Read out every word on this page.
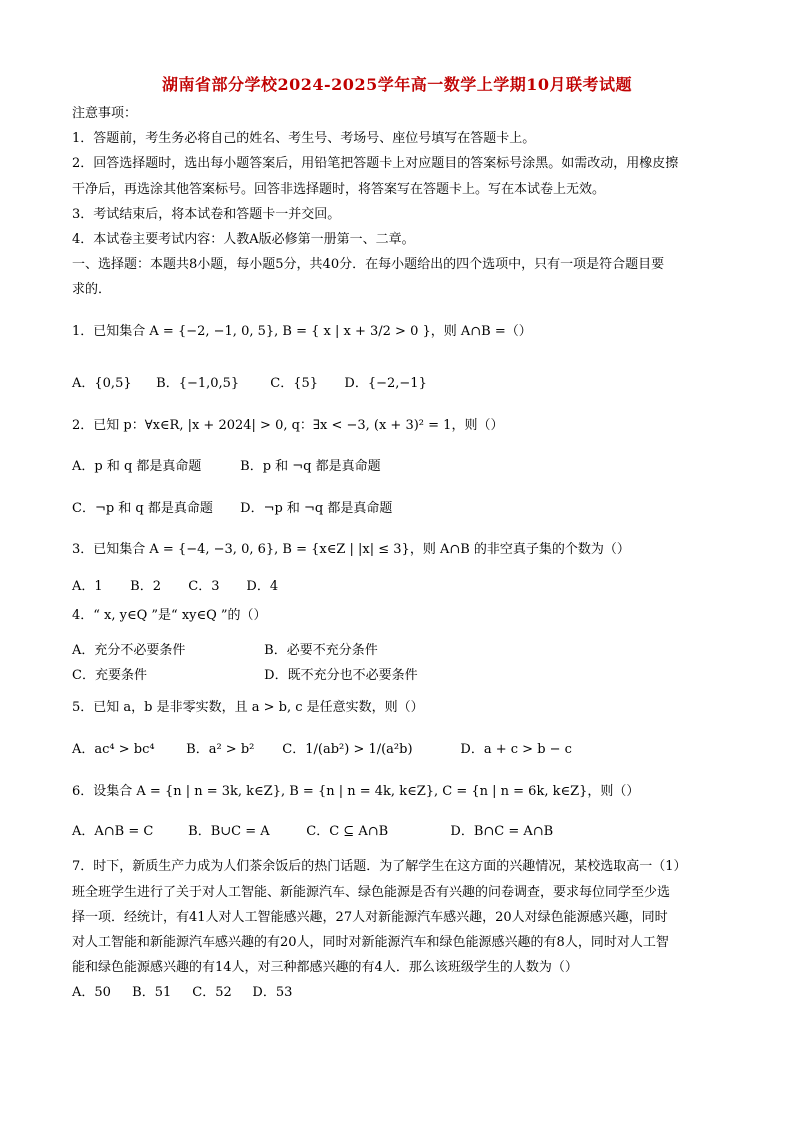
湖南省部分学校2024-2025学年高一数学上学期10月联考试题
注意事项：
1．答题前，考生务必将自己的姓名、考生号、考场号、座位号填写在答题卡上。
2．回答选择题时，选出每小题答案后，用铅笔把答题卡上对应题目的答案标号涂黑。如需改动，用橡皮擦
干净后，再选涂其他答案标号。回答非选择题时，将答案写在答题卡上。写在本试卷上无效。
3．考试结束后，将本试卷和答题卡一并交回。
4．本试卷主要考试内容：人教A版必修第一册第一、二章。
一、选择题：本题共8小题，每小题5分，共40分．在每小题给出的四个选项中，只有一项是符合题目要
求的．
1．已知集合 A = {−2, −1, 0, 5}, B = { x | x + 3/2 > 0 }，则 A∩B =（）
A．{0,5} B．{−1,0,5} C．{5} D．{−2,−1}
2．已知 p：∀x∈R, |x + 2024| > 0, q：∃x < −3, (x + 3)² = 1，则（）
A．p 和 q 都是真命题	B．p 和 ¬q 都是真命题
C．¬p 和 q 都是真命题 D．¬p 和 ¬q 都是真命题
3．已知集合 A = {−4, −3, 0, 6}, B = {x∈Z | |x| ≤ 3}，则 A∩B 的非空真子集的个数为（）
A．1 B．2 C．3 D．4
4．“ x, y∈Q ”是“ xy∈Q ”的（）
A．充分不必要条件	B．必要不充分条件
C．充要条件	D．既不充分也不必要条件
5．已知 a，b 是非零实数，且 a > b, c 是任意实数，则（）
A．ac⁴ > bc⁴ B．a² > b² C．1/(ab²) > 1/(a²b)	D．a + c > b − c
6．设集合 A = {n | n = 3k, k∈Z}, B = {n | n = 4k, k∈Z}, C = {n | n = 6k, k∈Z}，则（）
A．A∩B = C	B．B∪C = A	C．C ⊆ A∩B	D．B∩C = A∩B
7．时下，新质生产力成为人们茶余饭后的热门话题．为了解学生在这方面的兴趣情况，某校选取高一（1）
班全班学生进行了关于对人工智能、新能源汽车、绿色能源是否有兴趣的问卷调查，要求每位同学至少选
择一项．经统计，有41人对人工智能感兴趣，27人对新能源汽车感兴趣，20人对绿色能源感兴趣，同时
对人工智能和新能源汽车感兴趣的有20人，同时对新能源汽车和绿色能源感兴趣的有8人，同时对人工智
能和绿色能源感兴趣的有14人，对三种都感兴趣的有4人．那么该班级学生的人数为（）
A．50 B．51 C．52 D．53
